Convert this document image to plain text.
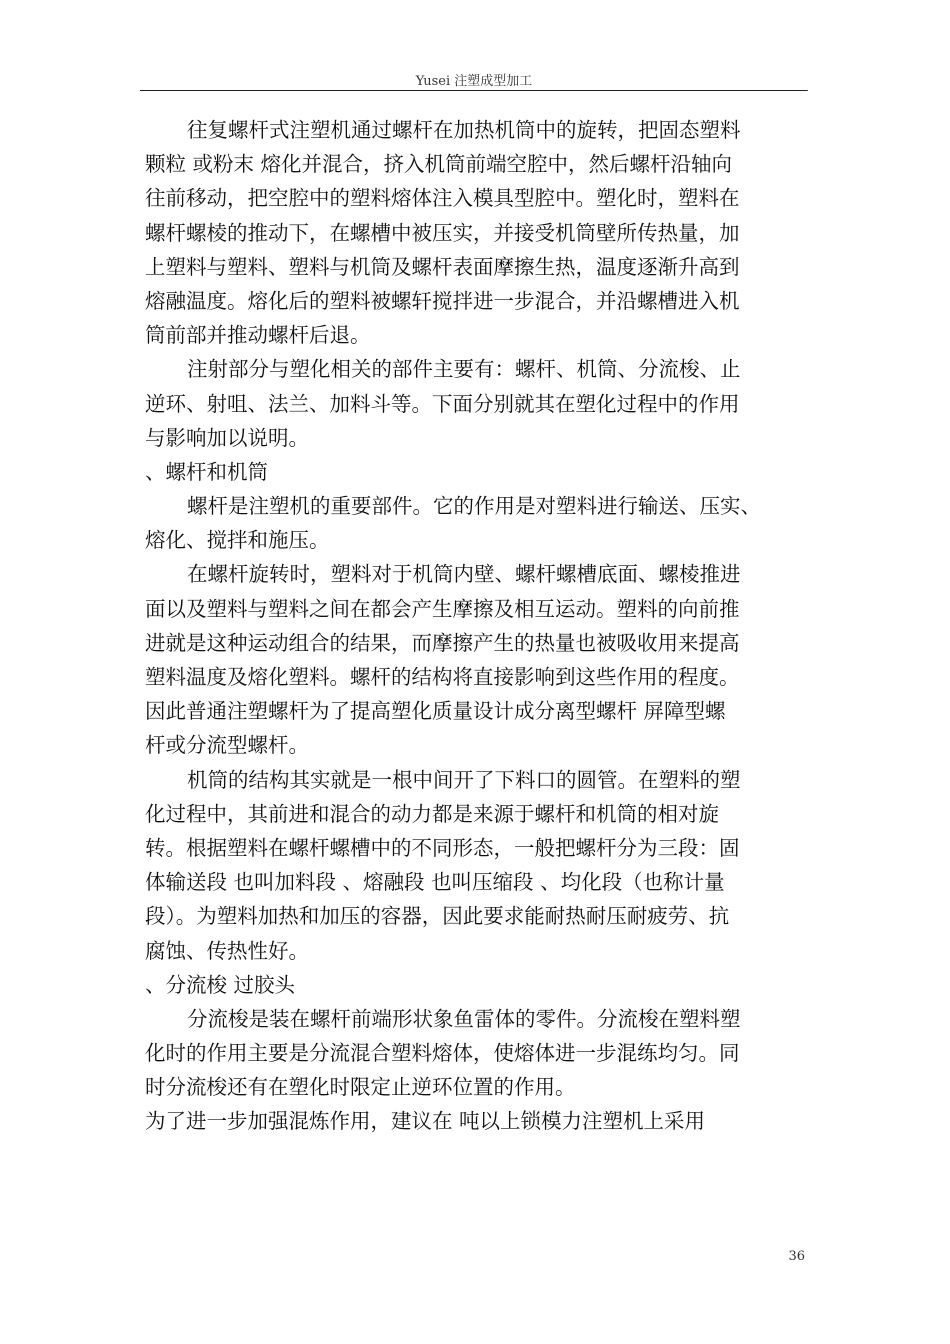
Yusei 注塑成型加工	.
往复螺杆式注塑机通过螺杆在加热机筒中的旋转，把固态塑料
颗粒 或粉末 熔化并混合，挤入机筒前端空腔中，然后螺杆沿轴向
往前移动，把空腔中的塑料熔体注入模具型腔中。塑化时，塑料在
螺杆螺棱的推动下，在螺槽中被压实，并接受机筒壁所传热量，加
上塑料与塑料、塑料与机筒及螺杆表面摩擦生热，温度逐渐升高到
熔融温度。熔化后的塑料被螺轩搅拌进一步混合，并沿螺槽进入机
筒前部并推动螺杆后退。
注射部分与塑化相关的部件主要有：螺杆、机筒、分流梭、止
逆环、射咀、法兰、加料斗等。下面分别就其在塑化过程中的作用
与影响加以说明。
、螺杆和机筒
螺杆是注塑机的重要部件。它的作用是对塑料进行输送、压实、
熔化、搅拌和施压。
在螺杆旋转时，塑料对于机筒内壁、螺杆螺槽底面、螺棱推进
面以及塑料与塑料之间在都会产生摩擦及相互运动。塑料的向前推
进就是这种运动组合的结果，而摩擦产生的热量也被吸收用来提高
塑料温度及熔化塑料。螺杆的结构将直接影响到这些作用的程度。
因此普通注塑螺杆为了提高塑化质量设计成分离型螺杆 屏障型螺
杆或分流型螺杆。
机筒的结构其实就是一根中间开了下料口的圆管。在塑料的塑
化过程中，其前进和混合的动力都是来源于螺杆和机筒的相对旋
转。根据塑料在螺杆螺槽中的不同形态，一般把螺杆分为三段：固
体输送段 也叫加料段 、熔融段 也叫压缩段 、均化段（也称计量
段）。为塑料加热和加压的容器，因此要求能耐热耐压耐疲劳、抗
腐蚀、传热性好。
、分流梭 过胶头
分流梭是装在螺杆前端形状象鱼雷体的零件。分流梭在塑料塑
化时的作用主要是分流混合塑料熔体，使熔体进一步混练均匀。同
时分流梭还有在塑化时限定止逆环位置的作用。
为了进一步加强混炼作用，建议在 吨以上锁模力注塑机上采用
36
